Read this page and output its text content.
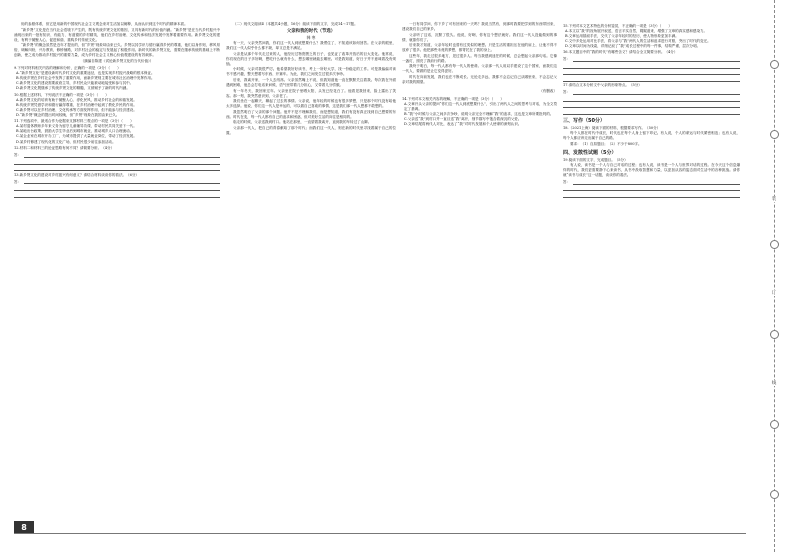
协的参照体系，但它是用新的中国现代社会主义观念来对生活加以阐释，从而认识到这个时代的精神本质。

“新乡贤”文化是在当代社会语境下产生的，既有传统乡贤文化的基因，又具有新时代的价值内涵。“新乡贤”是在当代乡村振兴中涌现出来的一批有知识、有能力、有道德的乡村精英，他们在乡村治理、文化传承和经济发展中发挥着重要作用。新乡贤文化的建设，有利于凝聚人心、促进和谐、重构乡村传统文化。

“新乡贤”的概念虽然是近年才提出的，但“乡贤”现象却由来已久。乡贤以其学识与德行赢得乡民的尊重，他们以身作则，移风易俗，调解纠纷，兴办教育，修桥铺路，对乡村社会的稳定与发展起了积极作用。新时代的新乡贤文化，需要在继承传统的基础上不断创新，使之成为推动乡村振兴的重要力量，成为乡村社会主义核心价值观建设的有效载体。

（摘编自陈建《试论新乡贤文化的当代价值》）

9.下列对材料相关内容的理解和分析，正确的一项是（3分）（　　）

A.“新乡贤文化”是建设新时代乡村文化的重要途径，也是实现乡村振兴战略的根本保证。

B.传统乡贤在乡村社会中发挥了重要作用，而新乡贤则主要在城市社区治理中发挥作用。

C.新乡贤文化的建设需要政府主导，乡村民众只能被动地接受和参与其中。

D.新乡贤文化既继承了传统乡贤文化的精髓，又被赋予了新的时代内涵。

10.根据上述材料，下列说法不正确的一项是（3分）（　　）

A.新乡贤文化的培育有助于凝聚人心、淳化民风，推动乡村社会的和谐发展。

B.传统乡贤凭借学识和德行赢得尊重，在乡村治理中起到了教化乡民的作用。

C.新乡贤可以在乡村治理、文化传承等方面发挥作用，但不能参与经济建设。

D.“新乡贤”概念的提出时间较晚，但“乡贤”现象在我国由来已久。

11.下列选项中，最适合作为论据来支撑材料三观点的一项是（3分）（　　）

A.某村退休教师多年来义务为留守儿童辅导功课，带动村民共同关爱下一代。

B.某地出台政策，鼓励大学生毕业后到城市就业，推动城乡人口合理流动。

C.某企业家在城市开办工厂，为城市提供了大量就业岗位，带动了经济发展。

D.某乡村修建了现代化的文化广场，但村民很少前往参加活动。

12.材料二和材料三的论证思路有何不同？请简要分析。（4分）

答：

13.新乡贤文化的建设对乡村振兴有何意义？请结合材料谈谈你的看法。（6分）

答：

（二）现代文阅读Ⅱ（本题共4小题，16分）阅读下面的文字，完成14～17题。

父亲和我的时代（节选）

韩 寒

有一天，父亲突然问我，你们这一代人到底想要什么？我愣住了，不知道该如何回答。在父亲的眼里，我们这一代人似乎什么都不缺，却又总是不满足。

父亲是从那个年代走过来的人，他经历过物资匮乏的日子，也见证了改革开放后的巨大变化。他常说，你们现在的日子多好啊，想吃什么就有什么，想去哪里就能去哪里。可是我知道，好日子并不意味着没有烦恼。

小时候，父亲对我很严厉。他希望我好好读书，考上一所好大学，找一份稳定的工作。可是我偏偏对读书不感兴趣，整天想着写东西、开赛车。为此，我们之间发生过很多次争吵。

后来，我离开家，一个人去闯荡。父亲虽然嘴上不说，但我知道他一直在默默关注着我。每次我在外面遇到困难，他总会打电话来问候，语气里带着几分担心，又带着几分骄傲。

有一年冬天，我回家过年。父亲坐在院子里晒太阳，头发已经花白了。他看见我回来，脸上露出了笑容。那一刻，我突然意识到，父亲老了。

我们坐在一起聊天，聊起了过去的事情。父亲说，他年轻的时候也有很多梦想，只是那个时代没有给他太多选择。他说，你们这一代人是幸运的，可以做自己喜欢的事情，这是我们那一代人想都不敢想的。

我忽然明白了父亲的那个问题。他并不是不理解我们，而是想知道，我们有没有真正找到自己想要的东西。时代在变，每一代人都有自己的追求和困惑，但对美好生活的向往是相同的。

临走的时候，父亲送我到村口。他站在那里，一直望着我离开，直到我的车转过了山脚。

父亲那一代人，把自己的青春献给了那个时代；而我们这一代人，则在新的时代里寻找着属于自己的位置。

一日有同学问，你下乡了可有回来的一天吗？我说当然有，到那时我要把学到的东西带回来，建设我们自己的家乡。

父亲听了这话，沉默了很久。他说，好啊，你有这个想法就好。我们这一代人没能做到的事情，就靠你们了。

后来我才知道，父亲年轻时也曾有过类似的理想。只是生活的重担压在他的肩上，让他不得不放弃了很多。他把那些未竟的梦想，都寄托在了我的身上。

这些年，我走过很多地方，见过很多人。每当我感到迷茫的时候，总会想起父亲那句话。它像一盏灯，照亮了我前行的路。

我终于明白，每一代人都有每一代人的使命。父亲那一代人用双手建设了这个国家，而我们这一代人，要做的是让它变得更好。

时代在向前发展，我们也在不断成长。无论走多远，我都不会忘记自己从哪里来，不会忘记父亲对我的期望。

（有删改）

14.下列对本文相关内容的理解，不正确的一项是（3分）（　　）

A.文章开头父亲的提问“你们这一代人到底想要什么”，引出了两代人之间的思考与对话，为全文奠定了基调。

B.“我”小时候与父亲之间多次争吵，说明父亲完全不理解“我”的追求，这也是文章所要批判的。

C.父亲送“我”到村口并一直目送“我”离开，细节描写中饱含着深沉的父爱。

D.文章结尾将两代人对比，表达了“我”对时代发展和个人使命的深刻认识。

15.下列对本文艺术特色的分析鉴赏，不正确的一项是（3分）（　　）

A.本文以“我”的视角展开叙述，语言平实自然，娓娓道来，增强了文章的真实感和感染力。

B.文章运用插叙手法，交代了父亲年轻时的经历，使人物形象更加丰满。

C.文中多处运用对比手法，将父亲与“我”两代人的生活和追求进行对照，突出了时代的变迁。

D.文章以时间为线索，详细记叙了“我”成长过程中的每一件事，结构严谨，层次分明。

16.本文题目中的“我的时代”有哪些含义？请结合全文简要分析。（4分）

答：

17.请结合文本分析文中父亲的形象特点。（5分）

答：

三、写作（50分）

18.（2021上海）阅读下面的材料，根据要求写作。（50分）

每个人都在时代中成长，时代也在每个人身上留下印记。有人说，个人的命运与时代紧密相连；也有人说，每个人都应该走出属于自己的路。

要求：（1）自拟题目；（2）不少于800字。

四、发散性试题（5分）

19.阅读下面的文字，完成题目。（5分）

有人说，读书是一个人与自己对话的过程；也有人说，读书是一个人与世界对话的过程。在今天这个信息爆炸的时代，我们更需要静下心来读书，从书中汲取智慧和力量，以更加从容的姿态面对生活中的各种挑战。请你就“读书与成长”这一话题，谈谈你的看法。

答：
装
订
线
8
